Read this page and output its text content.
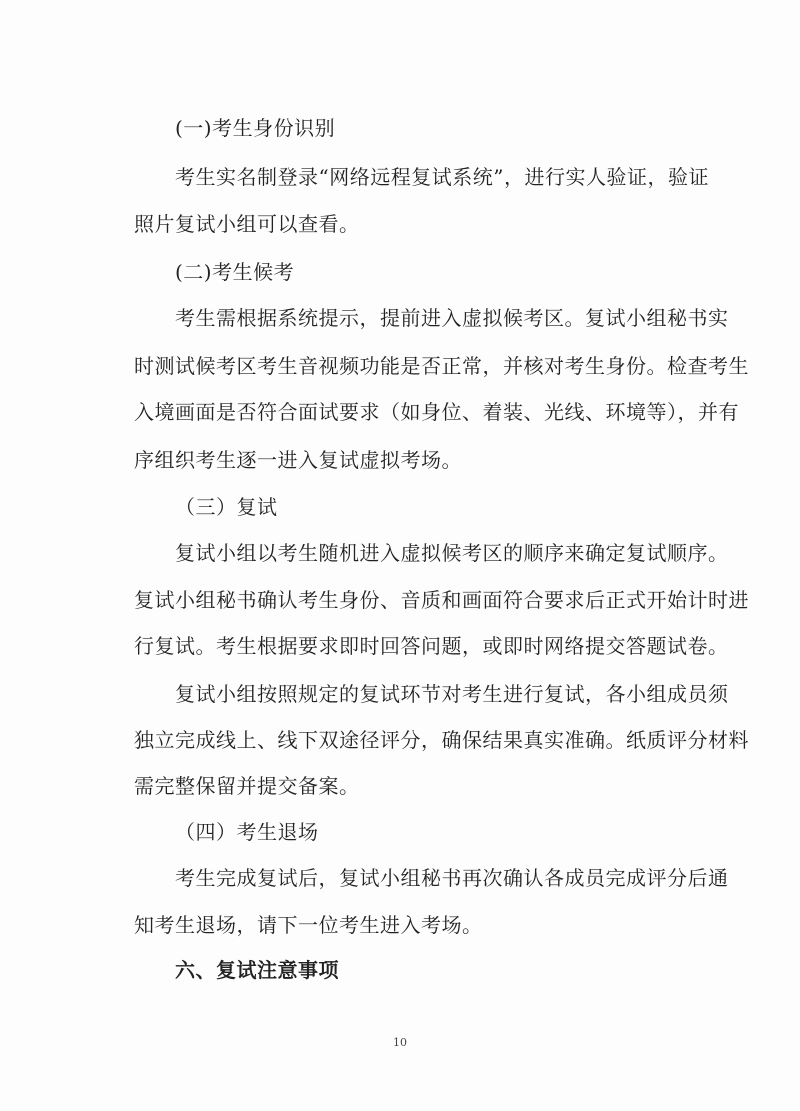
(一)考生身份识别
考生实名制登录“网络远程复试系统”，进行实人验证，验证
照片复试小组可以查看。
(二)考生候考
考生需根据系统提示，提前进入虚拟候考区。复试小组秘书实
时测试候考区考生音视频功能是否正常，并核对考生身份。检查考生
入境画面是否符合面试要求（如身位、着装、光线、环境等），并有
序组织考生逐一进入复试虚拟考场。
（三）复试
复试小组以考生随机进入虚拟候考区的顺序来确定复试顺序。
复试小组秘书确认考生身份、音质和画面符合要求后正式开始计时进
行复试。考生根据要求即时回答问题，或即时网络提交答题试卷。
复试小组按照规定的复试环节对考生进行复试，各小组成员须
独立完成线上、线下双途径评分，确保结果真实准确。纸质评分材料
需完整保留并提交备案。
（四）考生退场
考生完成复试后，复试小组秘书再次确认各成员完成评分后通
知考生退场，请下一位考生进入考场。
六、复试注意事项
10
